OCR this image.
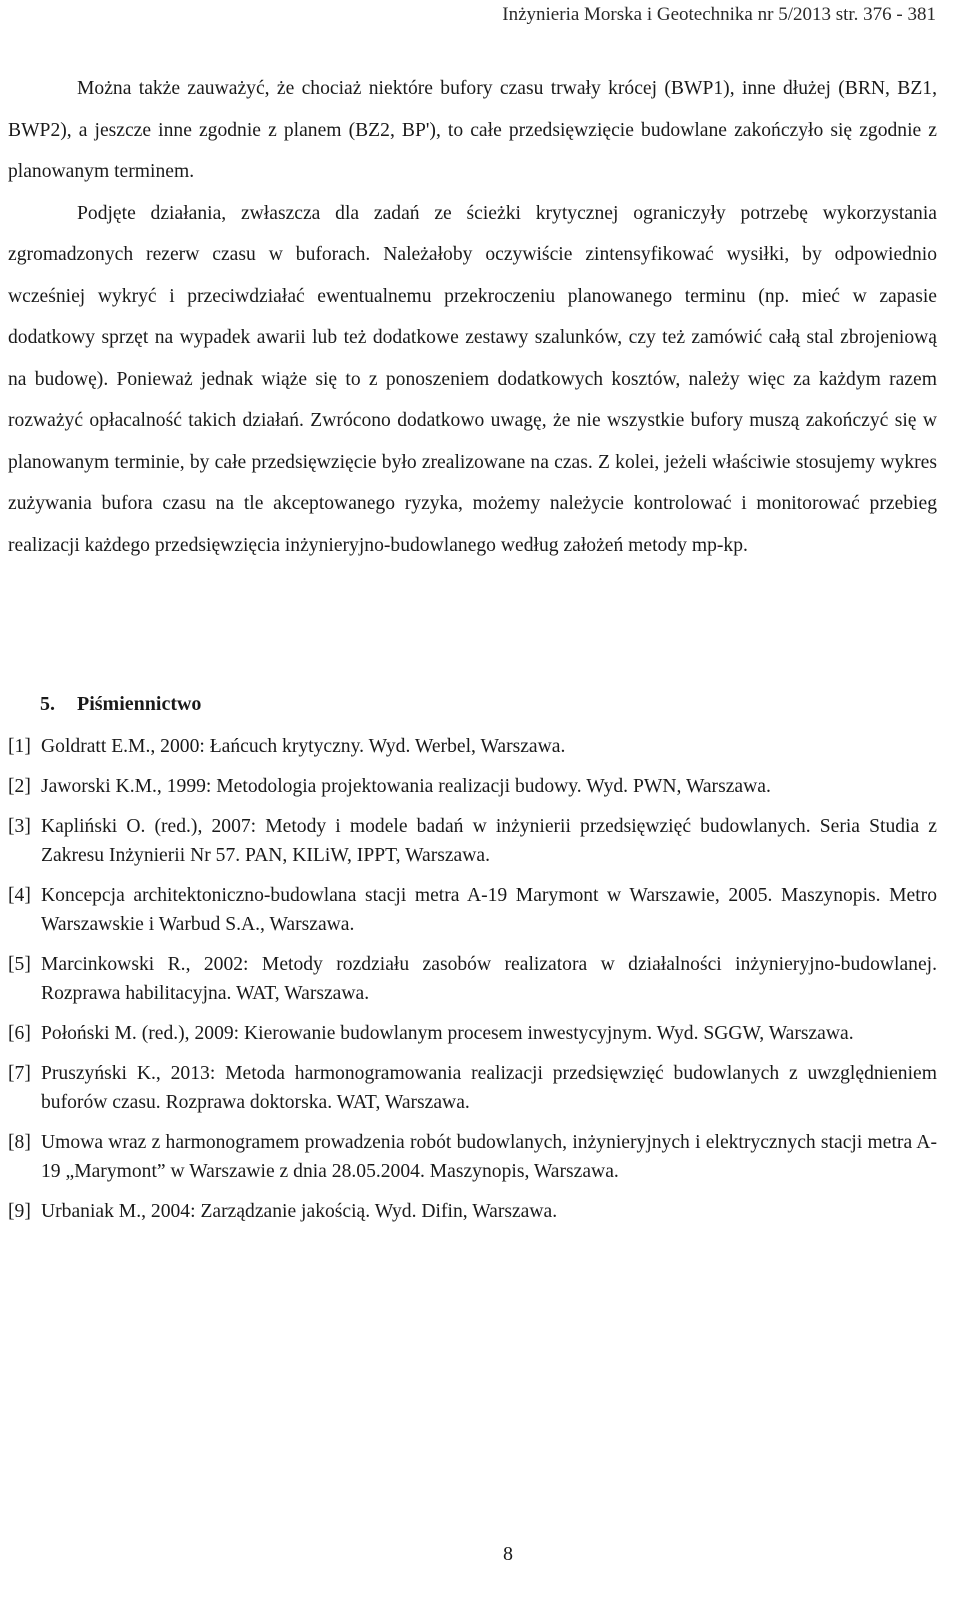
Inżynieria Morska i Geotechnika nr 5/2013 str. 376 - 381

Można także zauważyć, że chociaż niektóre bufory czasu trwały krócej (BWP1), inne dłużej (BRN, BZ1, BWP2), a jeszcze inne zgodnie z planem (BZ2, BP'), to całe przedsięwzięcie budowlane zakończyło się zgodnie z planowanym terminem.

Podjęte działania, zwłaszcza dla zadań ze ścieżki krytycznej ograniczyły potrzebę wykorzystania zgromadzonych rezerw czasu w buforach. Należałoby oczywiście zintensyfikować wysiłki, by odpowiednio wcześniej wykryć i przeciwdziałać ewentualnemu przekroczeniu planowanego terminu (np. mieć w zapasie dodatkowy sprzęt na wypadek awarii lub też dodatkowe zestawy szalunków, czy też zamówić całą stal zbrojeniową na budowę). Ponieważ jednak wiąże się to z ponoszeniem dodatkowych kosztów, należy więc za każdym razem rozważyć opłacalność takich działań. Zwrócono dodatkowo uwagę, że nie wszystkie bufory muszą zakończyć się w planowanym terminie, by całe przedsięwzięcie było zrealizowane na czas. Z kolei, jeżeli właściwie stosujemy wykres zużywania bufora czasu na tle akceptowanego ryzyka, możemy należycie kontrolować i monitorować przebieg realizacji każdego przedsięwzięcia inżynieryjno-budowlanego według założeń metody mp-kp.

5. Piśmiennictwo
[1] Goldratt E.M., 2000: Łańcuch krytyczny. Wyd. Werbel, Warszawa.
[2] Jaworski K.M., 1999: Metodologia projektowania realizacji budowy. Wyd. PWN, Warszawa.
[3] Kapliński O. (red.), 2007: Metody i modele badań w inżynierii przedsięwzięć budowlanych. Seria Studia z Zakresu Inżynierii Nr 57. PAN, KILiW, IPPT, Warszawa.
[4] Koncepcja architektoniczno-budowlana stacji metra A-19 Marymont w Warszawie, 2005. Maszynopis. Metro Warszawskie i Warbud S.A., Warszawa.
[5] Marcinkowski R., 2002: Metody rozdziału zasobów realizatora w działalności inżynieryjno-budowlanej. Rozprawa habilitacyjna. WAT, Warszawa.
[6] Połoński M. (red.), 2009: Kierowanie budowlanym procesem inwestycyjnym. Wyd. SGGW, Warszawa.
[7] Pruszyński K., 2013: Metoda harmonogramowania realizacji przedsięwzięć budowlanych z uwzględnieniem buforów czasu. Rozprawa doktorska. WAT, Warszawa.
[8] Umowa wraz z harmonogramem prowadzenia robót budowlanych, inżynieryjnych i elektrycznych stacji metra A-19 „Marymont” w Warszawie z dnia 28.05.2004. Maszynopis, Warszawa.
[9] Urbaniak M., 2004: Zarządzanie jakością. Wyd. Difin, Warszawa.
8
